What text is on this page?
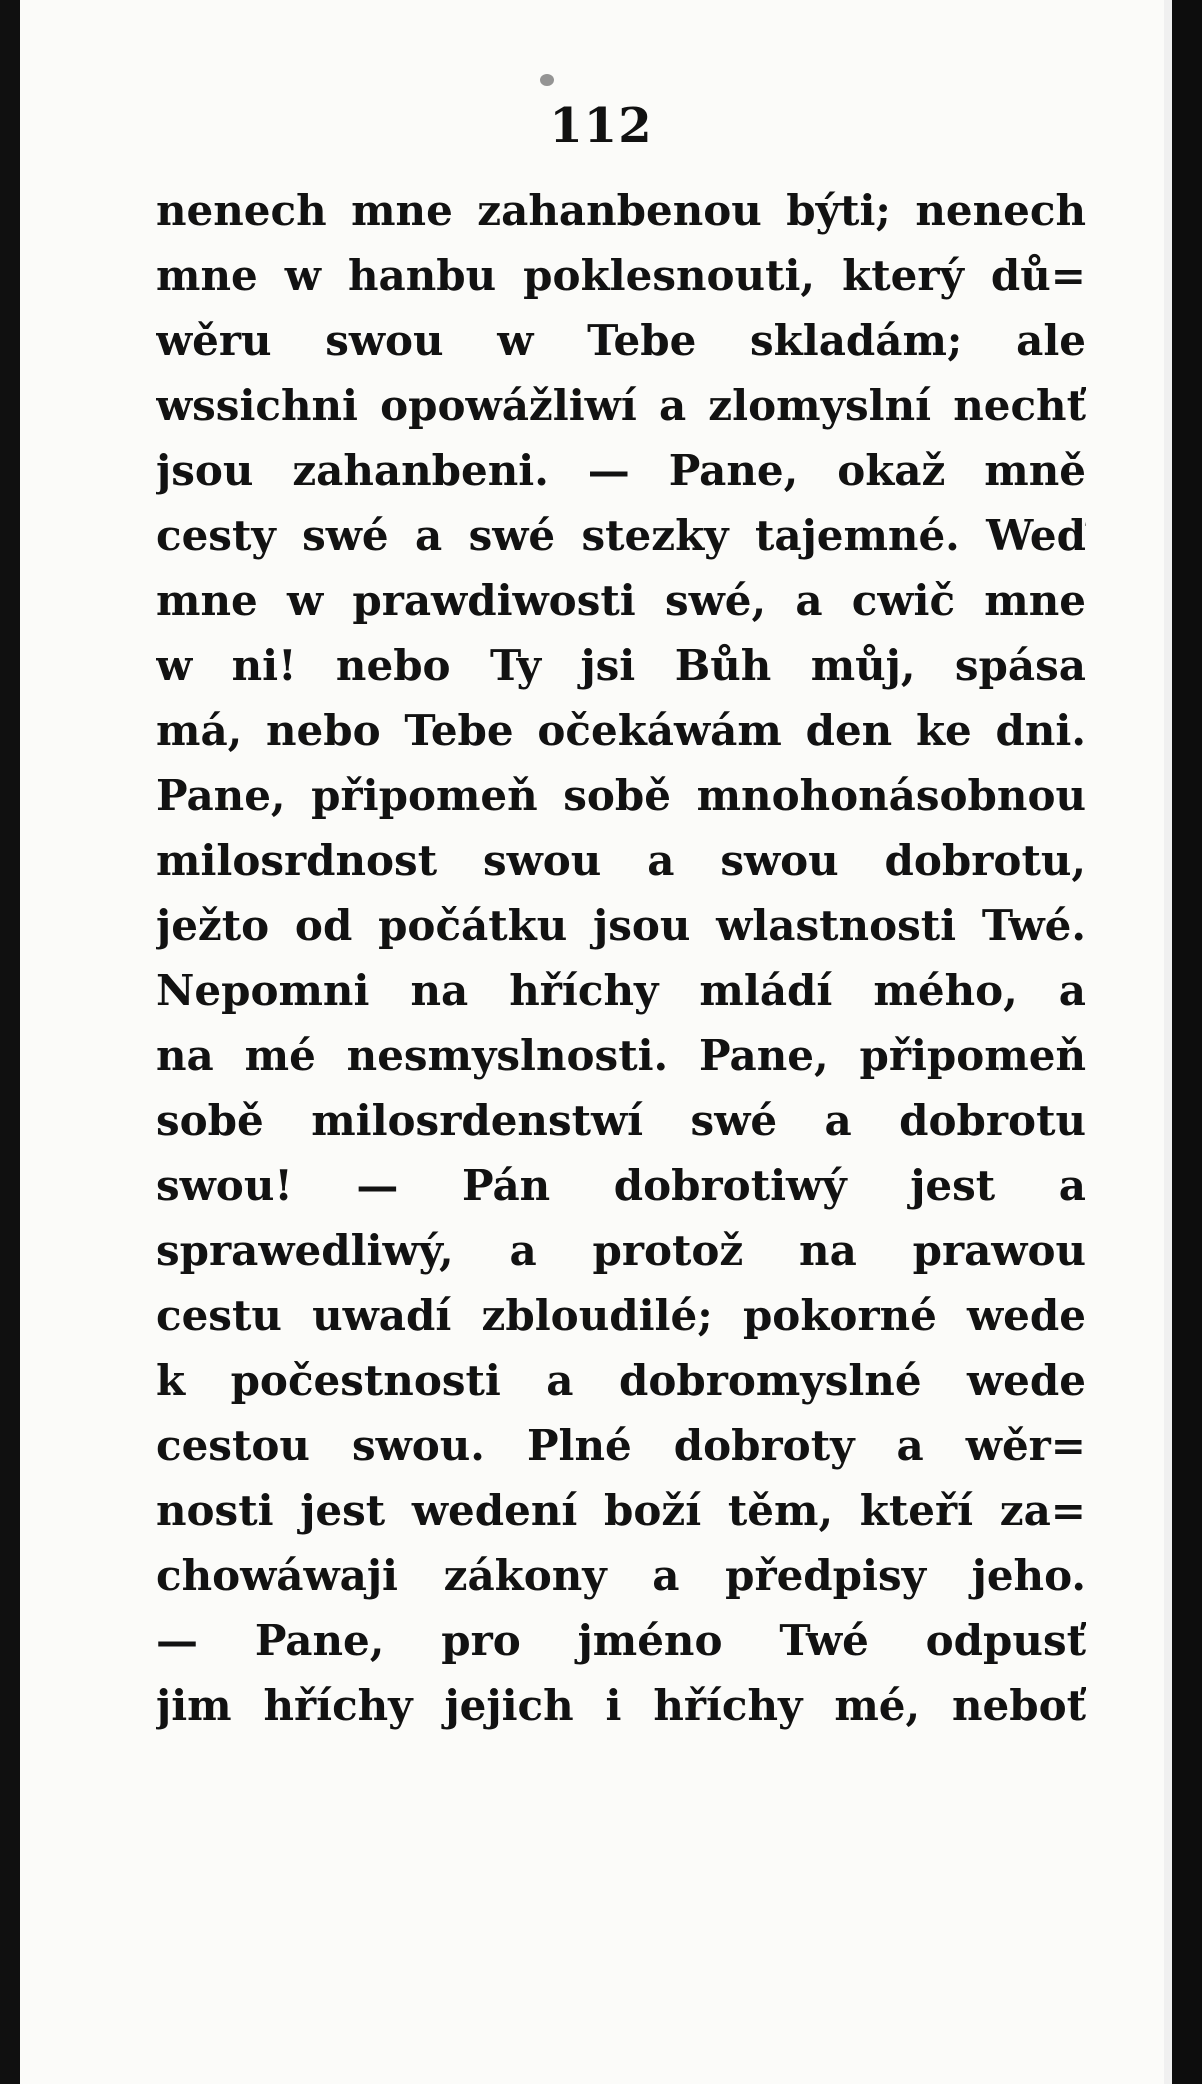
112
nenech mne zahanbenou býti; nenech
mne w hanbu poklesnouti, který dů=
wěru swou w Tebe skladám; ale
wssichni opowážliwí a zlomyslní nechť
jsou zahanbeni. — Pane, okaž mně
cesty swé a swé stezky tajemné. Weď
mne w prawdiwosti swé, a cwič mne
w ni! nebo Ty jsi Bůh můj, spása
má, nebo Tebe očekáwám den ke dni.
Pane, připomeň sobě mnohonásobnou
milosrdnost swou a swou dobrotu,
ježto od počátku jsou wlastnosti Twé.
Nepomni na hříchy mládí mého, a
na mé nesmyslnosti. Pane, připomeň
sobě milosrdenstwí swé a dobrotu
swou! — Pán dobrotiwý jest a
sprawedliwý, a protož na prawou
cestu uwadí zbloudilé; pokorné wede
k počestnosti a dobromyslné wede
cestou swou. Plné dobroty a wěr=
nosti jest wedení boží těm, kteří za=
chowáwaji zákony a předpisy jeho.
— Pane, pro jméno Twé odpusť
jim hříchy jejich i hříchy mé, neboť
